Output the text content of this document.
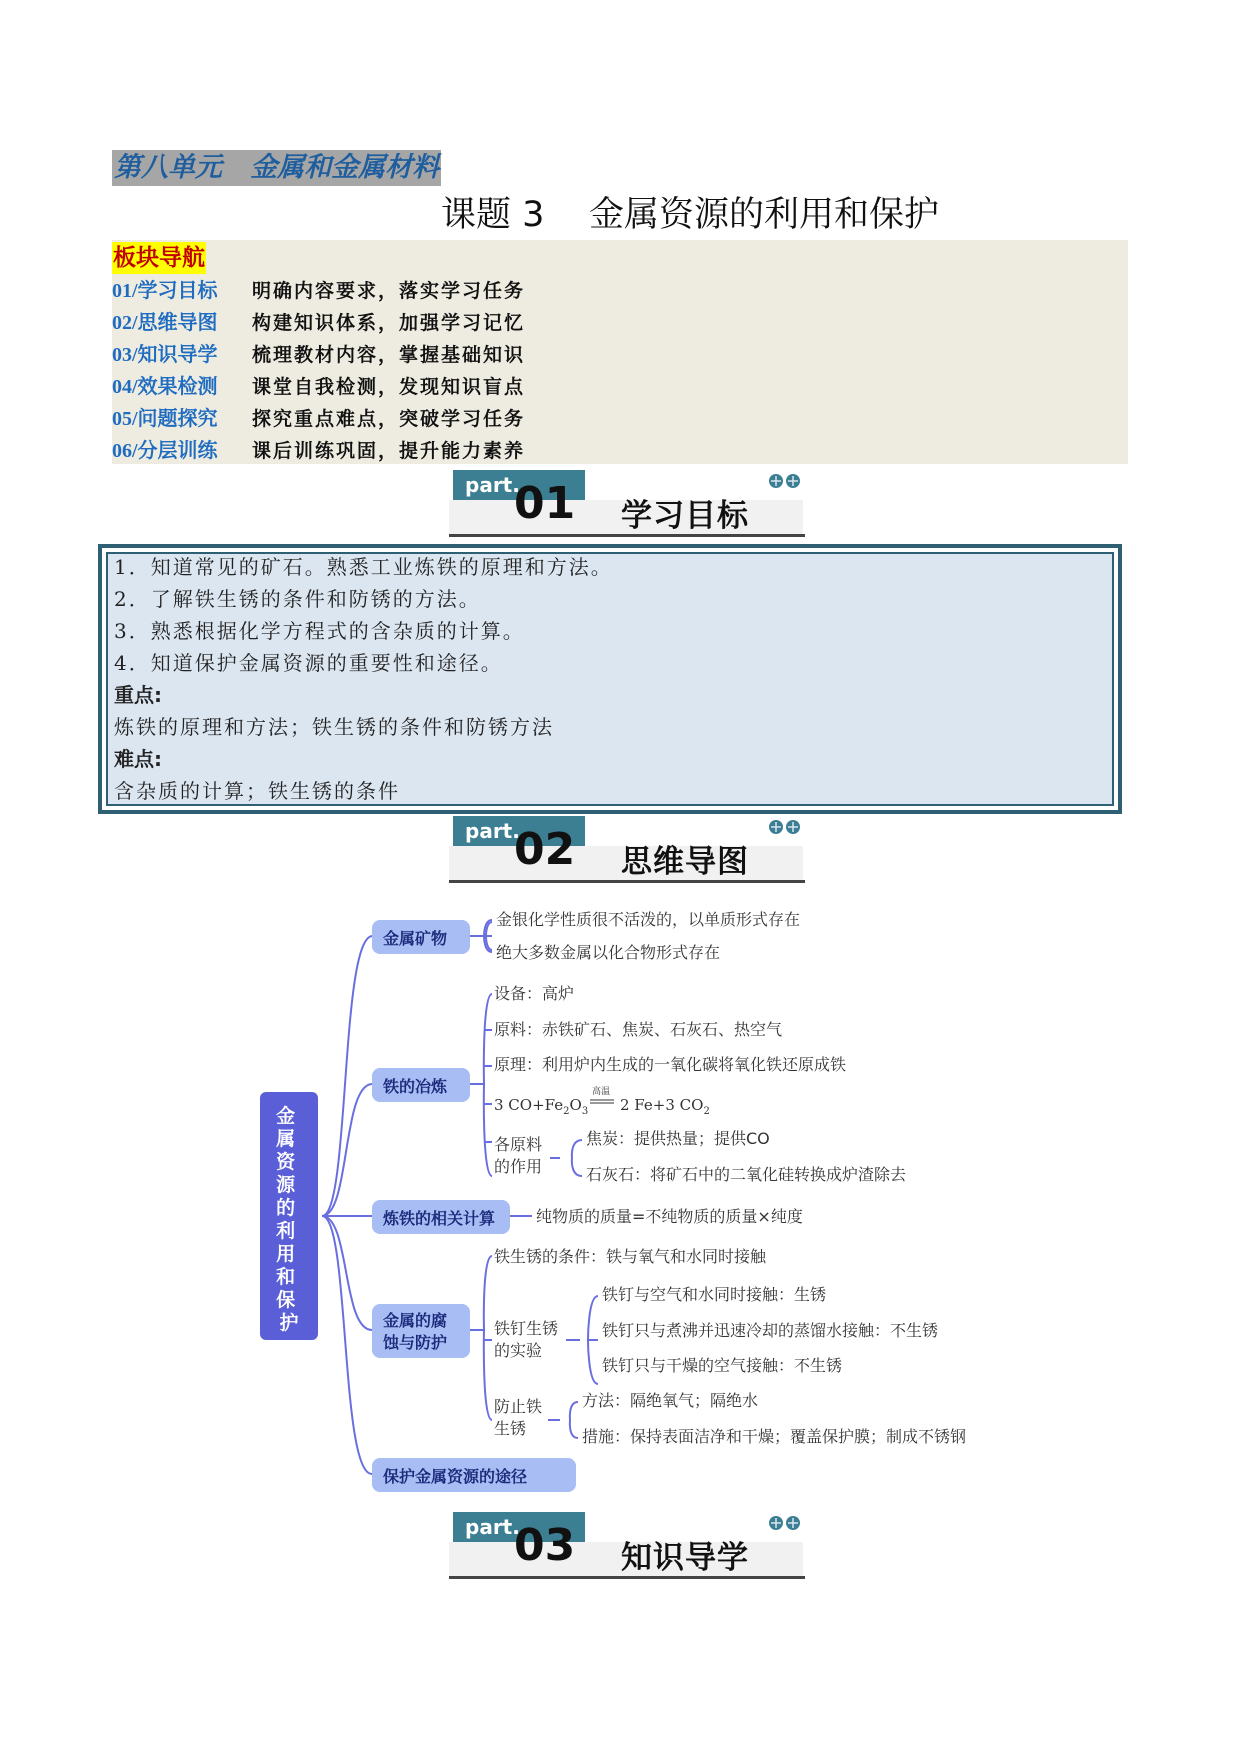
第八单元   金属和金属材料
课题 3    金属资源的利用和保护
板块导航
01/学习目标 明确内容要求，落实学习任务
02/思维导图 构建知识体系，加强学习记忆
03/知识导学 梳理教材内容，掌握基础知识
04/效果检测 课堂自我检测，发现知识盲点
05/问题探究 探究重点难点，突破学习任务
06/分层训练 课后训练巩固，提升能力素养
part.
01 学习目标
1．知道常见的矿石。熟悉工业炼铁的原理和方法。
2．了解铁生锈的条件和防锈的方法。
3．熟悉根据化学方程式的含杂质的计算。
4．知道保护金属资源的重要性和途径。
重点:
炼铁的原理和方法；铁生锈的条件和防锈方法
难点:
含杂质的计算；铁生锈的条件
part.
02 思维导图
金 属 资 源 的 利 用 和 保 护
金属矿物
铁的冶炼
炼铁的相关计算
金属的腐 蚀与防护
保护金属资源的途径
金银化学性质很不活泼的，以单质形式存在
绝大多数金属以化合物形式存在
设备：高炉
原料：赤铁矿石、焦炭、石灰石、热空气
原理：利用炉内生成的一氧化碳将氧化铁还原成铁
3 $CO+Fe_2O_3$
高温
2 Fe+3 $CO_2$
各原料 的作用
焦炭：提供热量；提供CO
石灰石：将矿石中的二氧化硅转换成炉渣除去
纯物质的质量=不纯物质的质量×纯度
铁生锈的条件：铁与氧气和水同时接触
铁钉生锈 的实验
铁钉与空气和水同时接触：生锈
铁钉只与煮沸并迅速冷却的蒸馏水接触：不生锈
铁钉只与干燥的空气接触：不生锈
防止铁 生锈
方法：隔绝氧气；隔绝水
措施：保持表面洁净和干燥；覆盖保护膜；制成不锈钢
part.
03 知识导学
